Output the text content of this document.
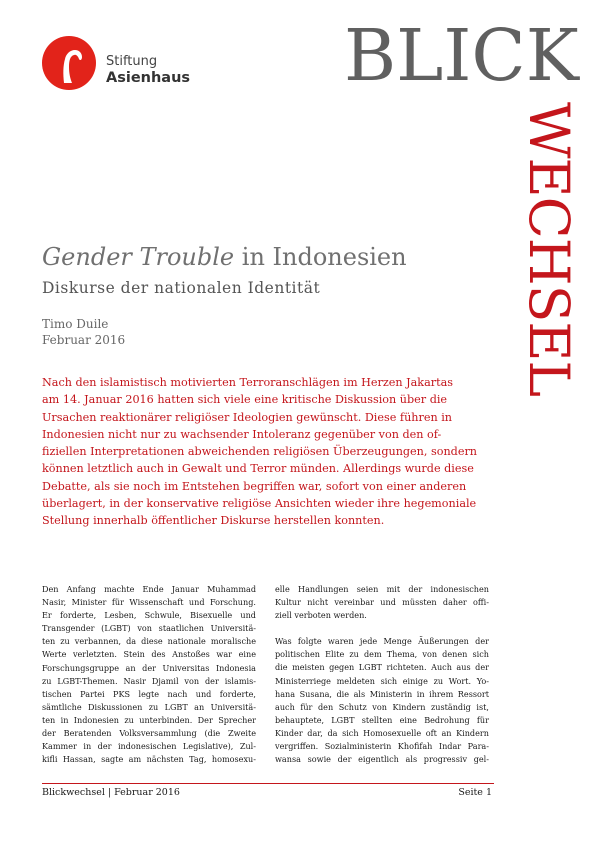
Stiftung
Asienhaus BLICK
WECHSEL
Gender Trouble in Indonesien
Diskurse der nationalen Identität
Timo Duile
Februar 2016

Nach den islamistisch motivierten Terroranschlägen im Herzen Jakartas
am 14. Januar 2016 hatten sich viele eine kritische Diskussion über die
Ursachen reaktionärer religiöser Ideologien gewünscht. Diese führen in
Indonesien nicht nur zu wachsender Intoleranz gegenüber von den of-
fiziellen Interpretationen abweichenden religiösen Überzeugungen, sondern
können letztlich auch in Gewalt und Terror münden. Allerdings wurde diese
Debatte, als sie noch im Entstehen begriffen war, sofort von einer anderen
überlagert, in der konservative religiöse Ansichten wieder ihre hegemoniale
Stellung innerhalb öffentlicher Diskurse herstellen konnten.

Den Anfang machte Ende Januar Muhammad
Nasir, Minister für Wissenschaft und Forschung.
Er forderte, Lesben, Schwule, Bisexuelle und
Transgender (LGBT) von staatlichen Universitä-
ten zu verbannen, da diese nationale moralische
Werte verletzten. Stein des Anstoßes war eine
Forschungsgruppe an der Universitas Indonesia
zu LGBT-Themen. Nasir Djamil von der islamis-
tischen Partei PKS legte nach und forderte,
sämtliche Diskussionen zu LGBT an Universitä-
ten in Indonesien zu unterbinden. Der Sprecher
der Beratenden Volksversammlung (die Zweite
Kammer in der indonesischen Legislative), Zul-
kifli Hassan, sagte am nächsten Tag, homosexu-

elle Handlungen seien mit der indonesischen
Kultur nicht vereinbar und müssten daher offi-
ziell verboten werden.

Was folgte waren jede Menge Äußerungen der
politischen Elite zu dem Thema, von denen sich
die meisten gegen LGBT richteten. Auch aus der
Ministerriege meldeten sich einige zu Wort. Yo-
hana Susana, die als Ministerin in ihrem Ressort
auch für den Schutz von Kindern zuständig ist,
behauptete, LGBT stellten eine Bedrohung für
Kinder dar, da sich Homosexuelle oft an Kindern
vergriffen. Sozialministerin Khofifah Indar Para-
wansa sowie der eigentlich als progressiv gel-

Blickwechsel | Februar 2016	Seite 1
